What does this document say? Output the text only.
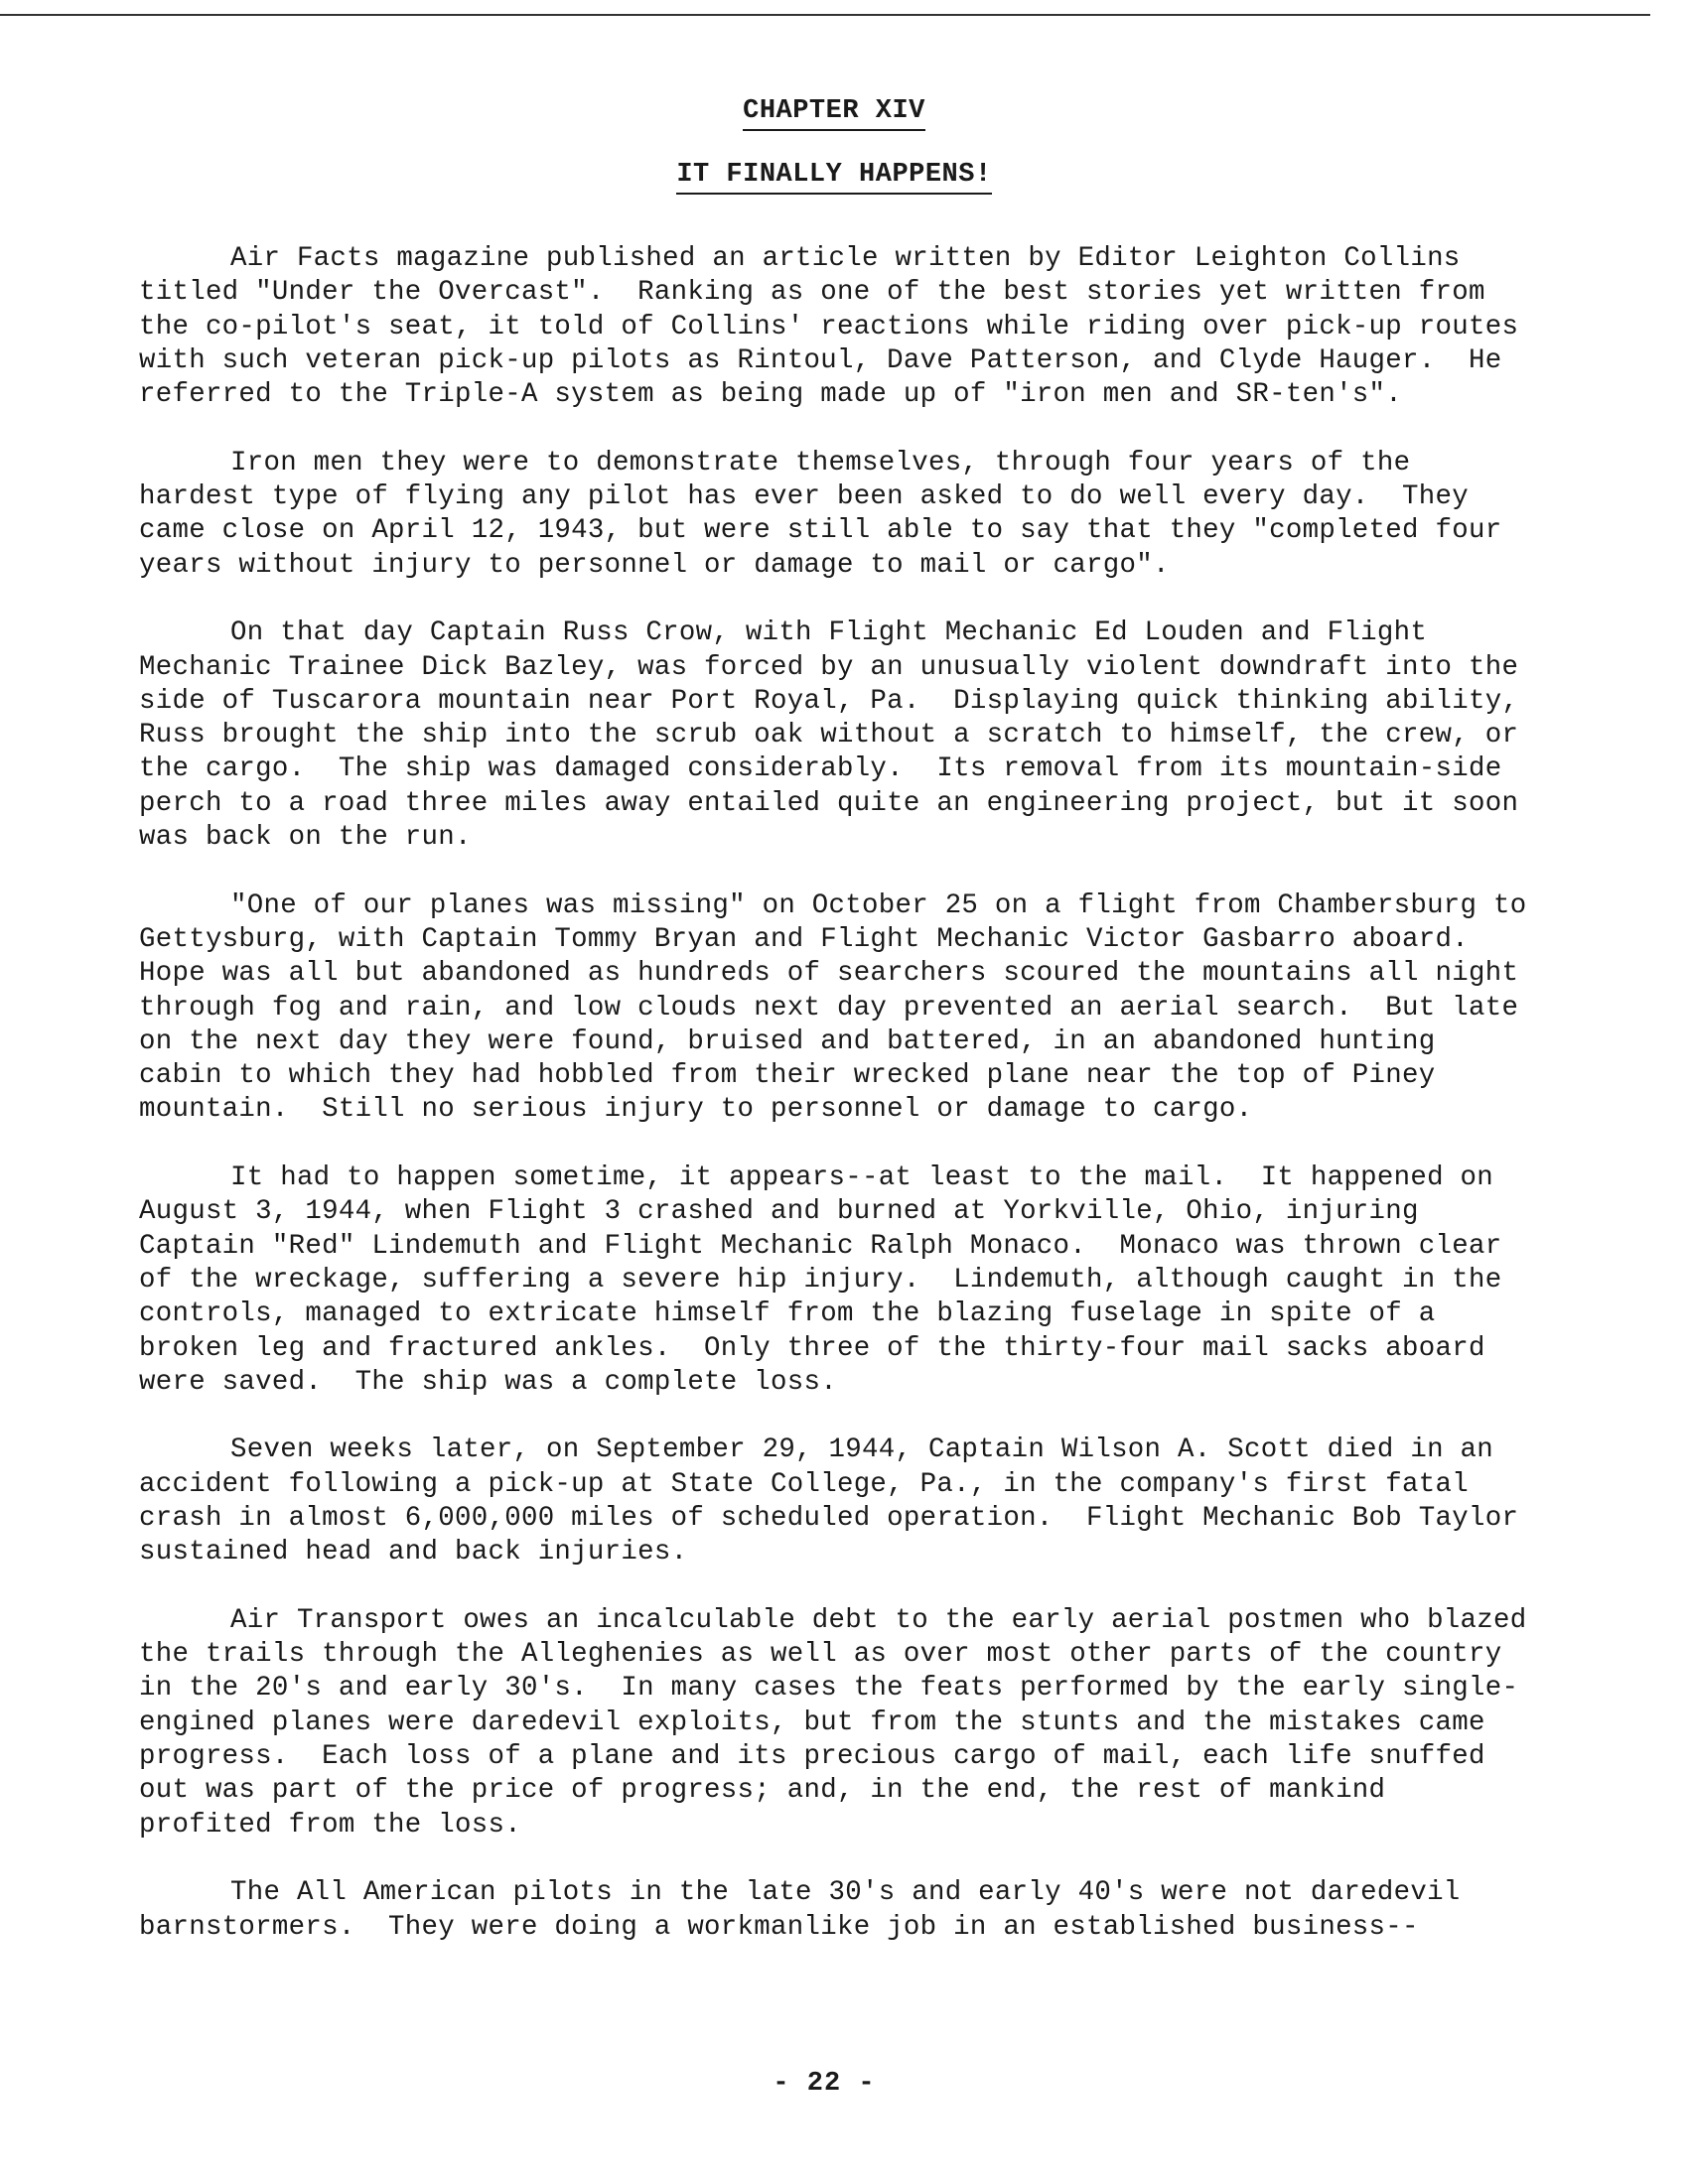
CHAPTER XIV
IT FINALLY HAPPENS!

Air Facts magazine published an article written by Editor Leighton Collins titled "Under the Overcast".  Ranking as one of the best stories yet written from the co-pilot's seat, it told of Collins' reactions while riding over pick-up routes with such veteran pick-up pilots as Rintoul, Dave Patterson, and Clyde Hauger.  He referred to the Triple-A system as being made up of "iron men and SR-ten's".

Iron men they were to demonstrate themselves, through four years of the hardest type of flying any pilot has ever been asked to do well every day.  They came close on April 12, 1943, but were still able to say that they "completed four years without injury to personnel or damage to mail or cargo".

On that day Captain Russ Crow, with Flight Mechanic Ed Louden and Flight Mechanic Trainee Dick Bazley, was forced by an unusually violent downdraft into the side of Tuscarora mountain near Port Royal, Pa.  Displaying quick thinking ability, Russ brought the ship into the scrub oak without a scratch to himself, the crew, or the cargo.  The ship was damaged considerably.  Its removal from its mountain-side perch to a road three miles away entailed quite an engineering project, but it soon was back on the run.

"One of our planes was missing" on October 25 on a flight from Chambersburg to Gettysburg, with Captain Tommy Bryan and Flight Mechanic Victor Gasbarro aboard.  Hope was all but abandoned as hundreds of searchers scoured the mountains all night through fog and rain, and low clouds next day prevented an aerial search.  But late on the next day they were found, bruised and battered, in an abandoned hunting cabin to which they had hobbled from their wrecked plane near the top of Piney mountain.  Still no serious injury to personnel or damage to cargo.

It had to happen sometime, it appears--at least to the mail.  It happened on August 3, 1944, when Flight 3 crashed and burned at Yorkville, Ohio, injuring Captain "Red" Lindemuth and Flight Mechanic Ralph Monaco.  Monaco was thrown clear of the wreckage, suffering a severe hip injury.  Lindemuth, although caught in the controls, managed to extricate himself from the blazing fuselage in spite of a broken leg and fractured ankles.  Only three of the thirty-four mail sacks aboard were saved.  The ship was a complete loss.

Seven weeks later, on September 29, 1944, Captain Wilson A. Scott died in an accident following a pick-up at State College, Pa., in the company's first fatal crash in almost 6,000,000 miles of scheduled operation.  Flight Mechanic Bob Taylor sustained head and back injuries.

Air Transport owes an incalculable debt to the early aerial postmen who blazed the trails through the Alleghenies as well as over most other parts of the country in the 20's and early 30's.  In many cases the feats performed by the early single-engined planes were daredevil exploits, but from the stunts and the mistakes came progress.  Each loss of a plane and its precious cargo of mail, each life snuffed out was part of the price of progress; and, in the end, the rest of mankind profited from the loss.

The All American pilots in the late 30's and early 40's were not daredevil barnstormers.  They were doing a workmanlike job in an established business--

- 22 -
